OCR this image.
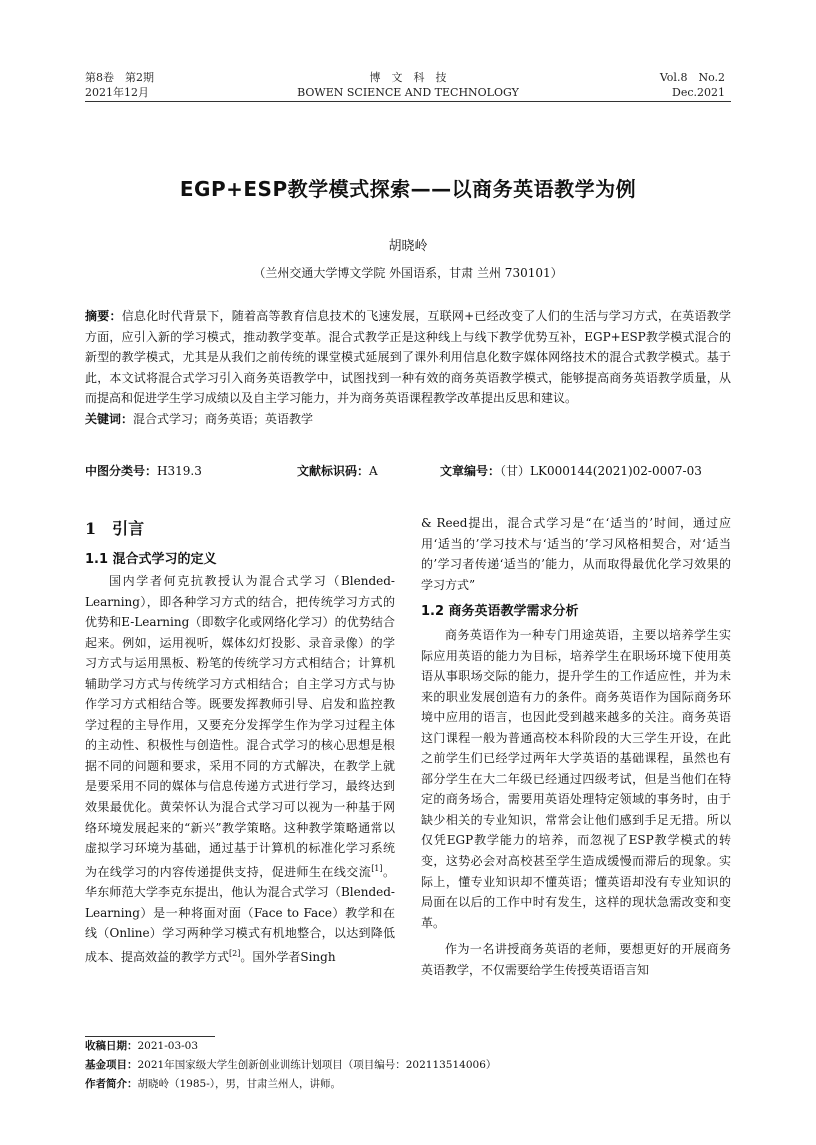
第8卷　第2期
2021年12月
博　文　科　技
BOWEN SCIENCE AND TECHNOLOGY
Vol.8　No.2
Dec.2021
EGP+ESP教学模式探索——以商务英语教学为例
胡晓岭
（兰州交通大学博文学院 外国语系，甘肃 兰州 730101）
摘要：信息化时代背景下，随着高等教育信息技术的飞速发展，互联网+已经改变了人们的生活与学习方式，在英语教学方面，应引入新的学习模式，推动教学变革。混合式教学正是这种线上与线下教学优势互补，EGP+ESP教学模式混合的新型的教学模式，尤其是从我们之前传统的课堂模式延展到了课外利用信息化数字媒体网络技术的混合式教学模式。基于此，本文试将混合式学习引入商务英语教学中，试图找到一种有效的商务英语教学模式，能够提高商务英语教学质量，从而提高和促进学生学习成绩以及自主学习能力，并为商务英语课程教学改革提出反思和建议。
关键词：混合式学习；商务英语；英语教学
中图分类号：H319.3	文献标识码：A	文章编号：（甘）LK000144(2021)02-0007-03
1　引言
1.1 混合式学习的定义

国内学者何克抗教授认为混合式学习（Blended-Learning），即各种学习方式的结合，把传统学习方式的优势和E-Learning（即数字化或网络化学习）的优势结合起来。例如，运用视听，媒体幻灯投影、录音录像）的学习方式与运用黑板、粉笔的传统学习方式相结合；计算机辅助学习方式与传统学习方式相结合；自主学习方式与协作学习方式相结合等。既要发挥教师引导、启发和监控教学过程的主导作用，又要充分发挥学生作为学习过程主体的主动性、积极性与创造性。混合式学习的核心思想是根据不同的问题和要求，采用不同的方式解决，在教学上就是要采用不同的媒体与信息传递方式进行学习，最终达到效果最优化。黄荣怀认为混合式学习可以视为一种基于网络环境发展起来的“新兴”教学策略。这种教学策略通常以虚拟学习环境为基础，通过基于计算机的标准化学习系统为在线学习的内容传递提供支持，促进师生在线交流[1]。华东师范大学李克东提出，他认为混合式学习（Blended-Learning）是一种将面对面（Face to Face）教学和在线（Online）学习两种学习模式有机地整合，以达到降低成本、提高效益的教学方式[2]。国外学者Singh

& Reed提出，混合式学习是“在‘适当的’时间，通过应用‘适当的’学习技术与‘适当的’学习风格相契合，对‘适当的’学习者传递‘适当的’能力，从而取得最优化学习效果的学习方式”

1.2 商务英语教学需求分析

商务英语作为一种专门用途英语，主要以培养学生实际应用英语的能力为目标，培养学生在职场环境下使用英语从事职场交际的能力，提升学生的工作适应性，并为未来的职业发展创造有力的条件。商务英语作为国际商务环境中应用的语言，也因此受到越来越多的关注。商务英语这门课程一般为普通高校本科阶段的大三学生开设，在此之前学生们已经学过两年大学英语的基础课程，虽然也有部分学生在大二年级已经通过四级考试，但是当他们在特定的商务场合，需要用英语处理特定领域的事务时，由于缺少相关的专业知识，常常会让他们感到手足无措。所以仅凭EGP教学能力的培养，而忽视了ESP教学模式的转变，这势必会对高校甚至学生造成缓慢而滞后的现象。实际上，懂专业知识却不懂英语；懂英语却没有专业知识的局面在以后的工作中时有发生，这样的现状急需改变和变革。

作为一名讲授商务英语的老师，要想更好的开展商务英语教学，不仅需要给学生传授英语语言知

收稿日期：2021-03-03
基金项目：2021年国家级大学生创新创业训练计划项目（项目编号：202113514006）
作者简介：胡晓岭（1985-），男，甘肃兰州人，讲师。
